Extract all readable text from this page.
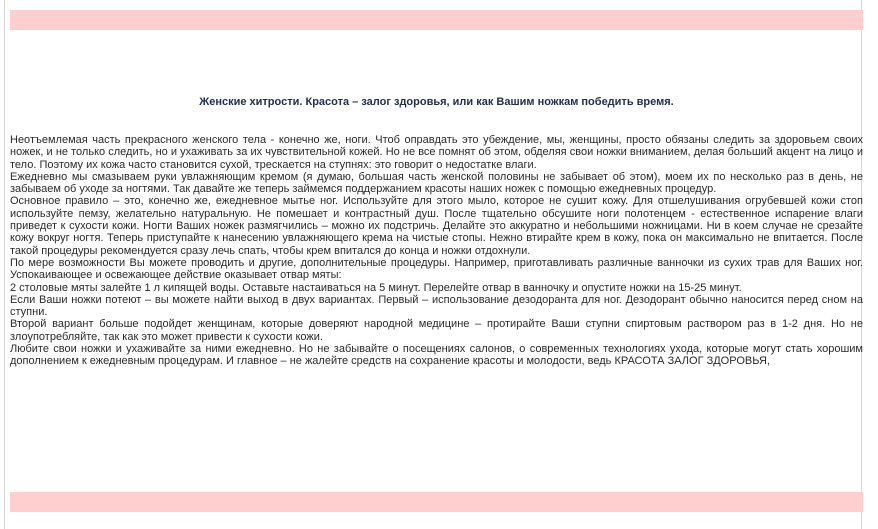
Женские хитрости. Красота – залог здоровья, или как Вашим ножкам победить время.

Неотъемлемая часть прекрасного женского тела - конечно же, ноги. Чтоб оправдать это убеждение, мы, женщины, просто обязаны следить за здоровьем своих ножек, и не только следить, но и ухаживать за их чувствительной кожей. Но не все помнят об этом, обделяя свои ножки вниманием, делая больший акцент на лицо и тело. Поэтому их кожа часто становится сухой, трескается на ступнях: это говорит о недостатке влаги.

Ежедневно мы смазываем руки увлажняющим кремом (я думаю, большая часть женской половины не забывает об этом), моем их по несколько раз в день, не забываем об уходе за ногтями. Так давайте же теперь займемся поддержанием красоты наших ножек с помощью ежедневных процедур.

Основное правило – это, конечно же, ежедневное мытье ног. Используйте для этого мыло, которое не сушит кожу. Для отшелушивания огрубевшей кожи стоп используйте пемзу, желательно натуральную. Не помешает и контрастный душ. После тщательно обсушите ноги полотенцем - естественное испарение влаги приведет к сухости кожи. Ногти Ваших ножек размягчились – можно их подстричь. Делайте это аккуратно и небольшими ножницами. Ни в коем случае не срезайте кожу вокруг ногтя. Теперь приступайте к нанесению увлажняющего крема на чистые стопы. Нежно втирайте крем в кожу, пока он максимально не впитается. После такой процедуры рекомендуется сразу лечь спать, чтобы крем впитался до конца и ножки отдохнули.

По мере возможности Вы можете проводить и другие, дополнительные процедуры. Например, приготавливать различные ванночки из сухих трав для Ваших ног. Успокаивающее и освежающее действие оказывает отвар мяты:

2 столовые мяты залейте 1 л кипящей воды. Оставьте настаиваться на 5 минут. Перелейте отвар в ванночку и опустите ножки на 15-25 минут.

Если Ваши ножки потеют – вы можете найти выход в двух вариантах. Первый – использование дезодоранта для ног. Дезодорант обычно наносится перед сном на ступни.

Второй вариант больше подойдет женщинам, которые доверяют народной медицине – протирайте Ваши ступни спиртовым раствором раз в 1-2 дня. Но не злоупотребляйте, так как это может привести к сухости кожи.

Любите свои ножки и ухаживайте за ними ежедневно. Но не забывайте о посещениях салонов, о современных технологиях ухода, которые могут стать хорошим дополнением к ежедневным процедурам. И главное – не жалейте средств на сохранение красоты и молодости, ведь КРАСОТА ЗАЛОГ ЗДОРОВЬЯ,
